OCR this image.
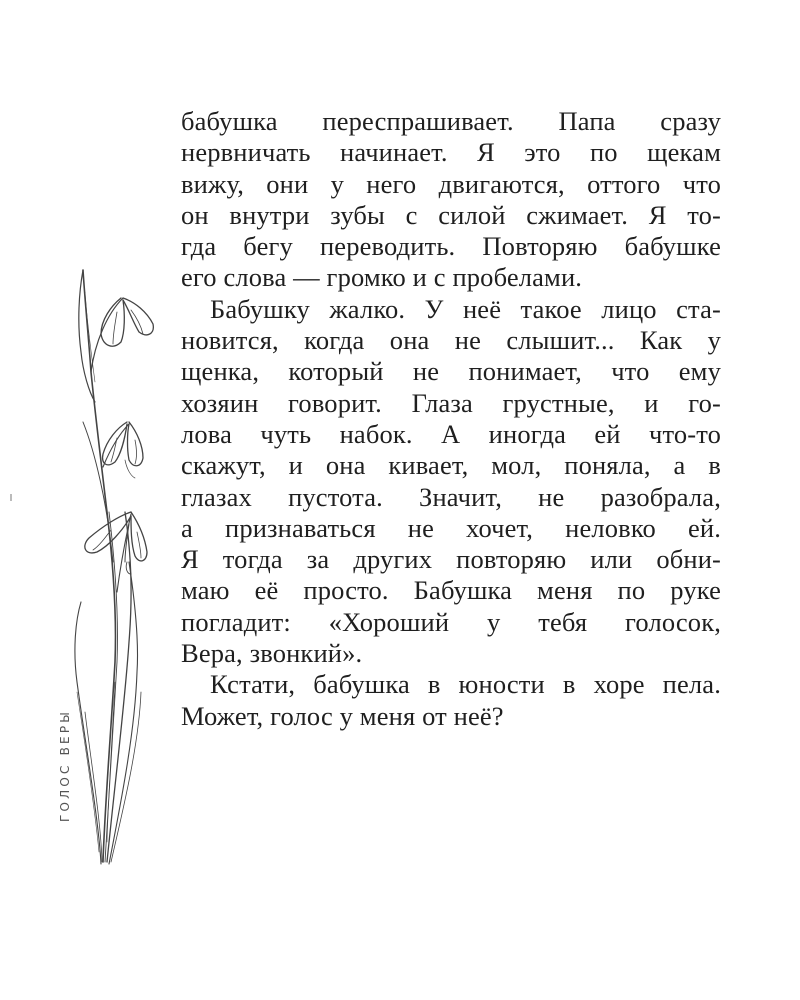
ГОЛОС ВЕРЫ
бабушка переспрашивает. Папа сразу
нервничать начинает. Я это по щекам
вижу, они у него двигаются, оттого что
он внутри зубы с силой сжимает. Я то-
гда бегу переводить. Повторяю бабушке
его слова — громко и с пробелами.
Бабушку жалко. У неё такое лицо ста-
новится, когда она не слышит... Как у
щенка, который не понимает, что ему
хозяин говорит. Глаза грустные, и го-
лова чуть набок. А иногда ей что-то
скажут, и она кивает, мол, поняла, а в
глазах пустота. Значит, не разобрала,
а признаваться не хочет, неловко ей.
Я тогда за других повторяю или обни-
маю её просто. Бабушка меня по руке
погладит: «Хороший у тебя голосок,
Вера, звонкий».
Кстати, бабушка в юности в хоре пела.
Может, голос у меня от неё?
